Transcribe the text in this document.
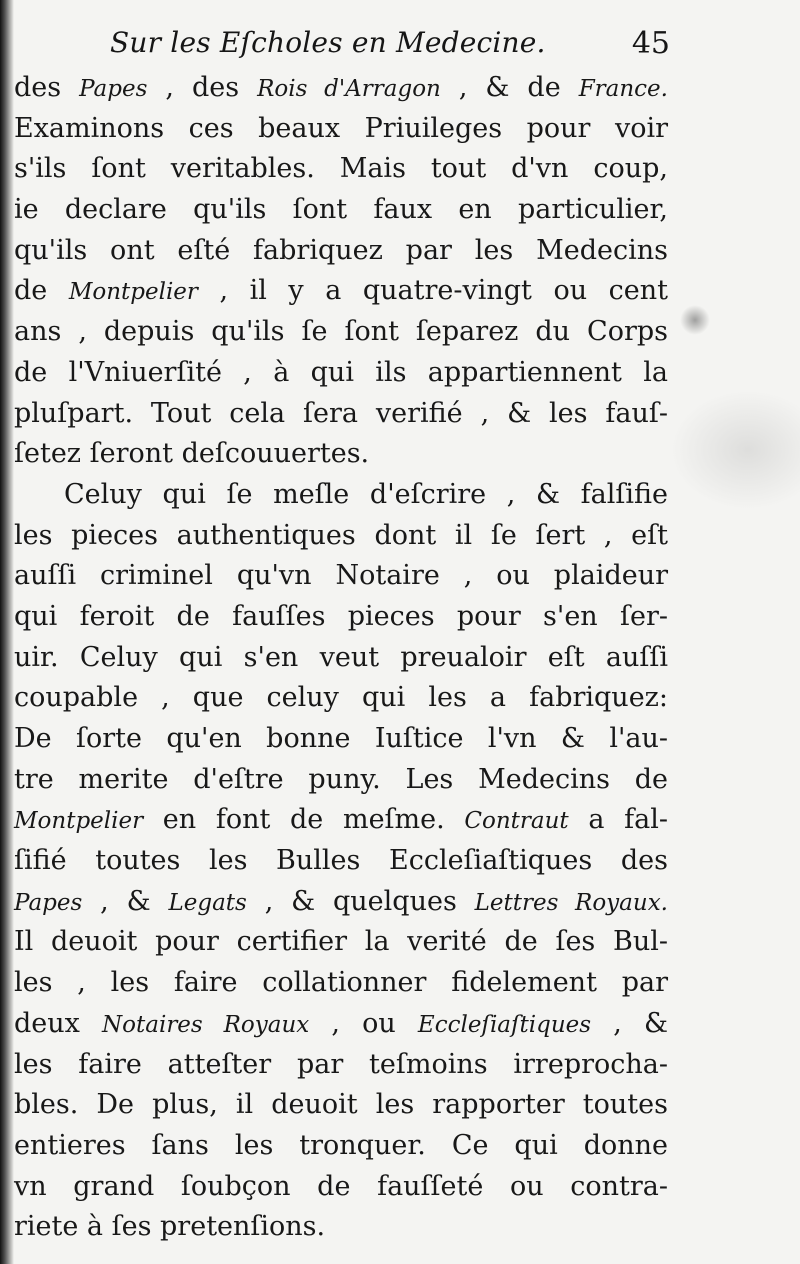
Sur les Eſcholes en Medecine.	45
des Papes , des Rois d'Arragon , & de France.
Examinons ces beaux Priuileges pour voir
s'ils ſont veritables. Mais tout d'vn coup,
ie declare qu'ils ſont faux en particulier,
qu'ils ont eſté fabriquez par les Medecins
de Montpelier , il y a quatre-vingt ou cent
ans , depuis qu'ils ſe ſont ſeparez du Corps
de l'Vniuerſité , à qui ils appartiennent la
pluſpart. Tout cela ſera verifié , & les fauſ-
ſetez ſeront deſcouuertes.
Celuy qui ſe meſle d'eſcrire , & falſifie
les pieces authentiques dont il ſe ſert , eſt
auſſi criminel qu'vn Notaire , ou plaideur
qui feroit de fauſſes pieces pour s'en ſer-
uir. Celuy qui s'en veut preualoir eſt auſſi
coupable , que celuy qui les a fabriquez:
De ſorte qu'en bonne Iuſtice l'vn & l'au-
tre merite d'eſtre puny. Les Medecins de
Montpelier en font de meſme. Contraut a fal-
ſifié toutes les Bulles Eccleſiaſtiques des
Papes , & Legats , & quelques Lettres Royaux.
Il deuoit pour certifier la verité de ſes Bul-
les , les faire collationner fidelement par
deux Notaires Royaux , ou Eccleſiaſtiques , &
les faire atteſter par teſmoins irreprocha-
bles. De plus, il deuoit les rapporter toutes
entieres ſans les tronquer. Ce qui donne
vn grand ſoubçon de fauſſeté ou contra-
riete à ſes pretenſions.
